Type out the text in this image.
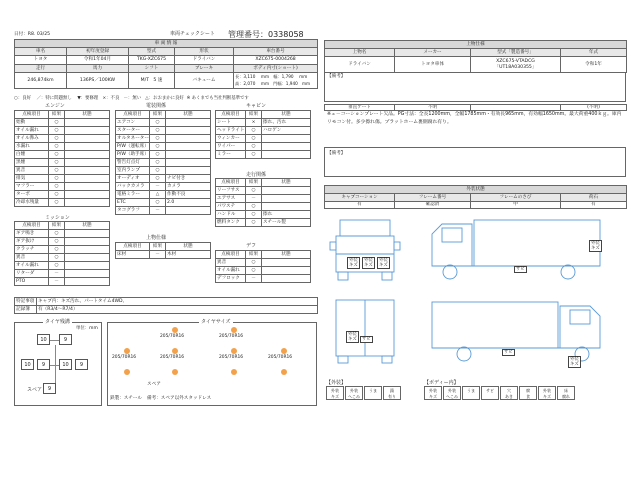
日付：R8. 03/25	車両チェックシート 管理番号：0338058
車 両 情 報				
車名	初年度登録	型式	形状	車台番号
トヨタ	令和1年04月	TKG-XZC675	ドライバン	XZC675-0004268
走行	馬力	シフト	ブレーキ	ボディ内寸(ショート)
246,874km	136PS／100KW	M/T 5 速	バキューム	長：3,110　 mm　幅：1,790　 mm
高：2,070　 mm　門幅：1,940　mm
○：良好 ／：特に問題無し ▼：要修理 ×：不良 －：無い △：おおまかに良好 ※ あくまでも当社判断基準です
エンジン
点検項目	結果	状態
始動	○	
オイル漏れ	○	
オイル滲み	○	
水漏れ	○	
白煙	○	
黒煙	○	
異音	○	
排気	○	
マフラー	○	
ターボ	○	
冷却水残量	○	
ミッション
点検項目	結果	状態
ギア鳴き	○	
ギア抜け	○	
クラッチ	○	
異音	○	
オイル漏れ	○	
リターダ	－	
PTO	－	
電装関係
点検項目	結果	状態
エアコン	○	
スターター	○	
オルタネーター	○	
P/W（運転席）	○	
P/W（助手席）	○	
警告灯点灯	○	
室内ランプ	○	
オーディオ	○	ナビ付き
バックカメラ	－	カメラ
電格ミラー	△	作動不良
ETC	○	2.0
タコグラフ	－	
上物仕様
点検項目	結果	状態
床材	－	木材
キャビン
点検項目	結果	状態
シート	×	擦れ、汚れ
ヘッドライト	○	ハロゲン
ウィンカー	○	
ワイパー	○	
ミラー	○	
走行関係
点検項目	結果	状態
リーフサス	○	
エアサス	－	
パワステ	○	
ハンドル	○	擦れ
燃料タンク	○	スチール製
デフ
点検項目	結果	状態
異音	○	
オイル漏れ	○	
デフロック	－	
特記事項	キャブ内：キズ汚れ、パートタイム4WD、
記録簿	有（R3/4〜R7/4）
タイヤ残溝
単位：mm
10	9
10	9	10	9
スペア	9
タイヤサイズ
205/70R16	205/70R16
205/70R16	205/70R16	205/70R16	205/70R16
スペア
鉄製：スチール 備考：スペア以外スタッドレス
上物仕様			
上物名	メーカー	型式「製造番号」	年式
ドライバン	トヨタ車体	XZC675-VTADCG
「UT18A030355」	令和1年
【備考】
※ュ－コーションプレート欠品。PG寸法：全長1200mm，全幅1785mm・有効長965mm，有効幅1650mm。最大荷重400ｋｇ。庫内リモコン付。多少擦れ傷。プラットホーム裏側腐れ有り。
垂直ゲート	不明		(不明)
【備考】
外装状態			
キャブコーション	フレーム番号	フレームのさび	荷石
有	確認済	中	有
外装
キズ
外装
キズ
外装
キズ
外装
キズ
サビ
サビ
外装
キズ
サビ
外装
キズ
【外装】
外装
キズ外装
へこみうま	錆
有り
【ボディー内】
外装
キズ外装
へこみうま	サビ	穴
あき腐
食外装
キズ床
腐れ
